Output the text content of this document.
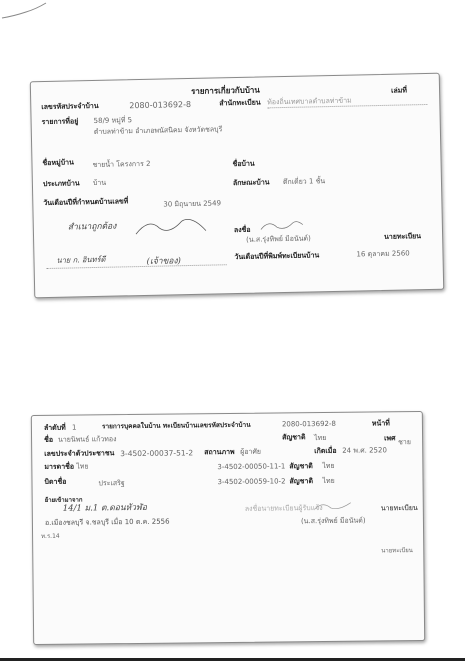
รายการเกี่ยวกับบ้าน	เล่มที่
เลขรหัสประจำบ้าน	2080-013692-8	สำนักทะเบียน ท้องถิ่นเทศบาลตำบลท่าข้าม
รายการที่อยู่ 58/9 หมู่ที่ 5
ตำบลท่าข้าม อำเภอพนัสนิคม จังหวัดชลบุรี
ชื่อหมู่บ้าน	ชายน้ำ โครงการ 2	ชื่อบ้าน
ประเภทบ้าน บ้าน	ลักษณะบ้าน ตึกเดี่ยว 1 ชั้น
วันเดือนปีที่กำหนดบ้านเลขที่	30 มิถุนายน 2549
สำเนาถูกต้อง	ลงชื่อ
(น.ส.รุ่งทิพย์ มีอนันต์)	นายทะเบียน
นาย ก. อินทร์ดี	(เจ้าของ)
วันเดือนปีที่พิมพ์ทะเบียนบ้าน	16 ตุลาคม 2560
ลำดับที่ 1	รายการบุคคลในบ้าน ทะเบียนบ้านเลขรหัสประจำบ้าน	2080-013692-8	หน้าที่
ชื่อ นายนิพนธ์ แก้วทอง	สัญชาติ ไทย	เพศ ชาย
เลขประจำตัวประชาชน 3-4502-00037-51-2 สถานภาพ ผู้อาศัย	เกิดเมื่อ 24 พ.ศ. 2520
มารดาชื่อ ไทย	3-4502-00050-11-1 สัญชาติ ไทย
บิดาชื่อ	ประเสริฐ	3-4502-00059-10-2 สัญชาติ ไทย
ย้ายเข้ามาจาก
14/1 ม.1 ต.ดอนหัวฬ่อ	ลงชื่อนายทะเบียนผู้รับแจ้ง	นายทะเบียน
อ.เมืองชลบุรี จ.ชลบุรี เมื่อ 10 ต.ค. 2556	(น.ส.รุ่งทิพย์ มีอนันต์)
ท.ร.14
นายทะเบียน
